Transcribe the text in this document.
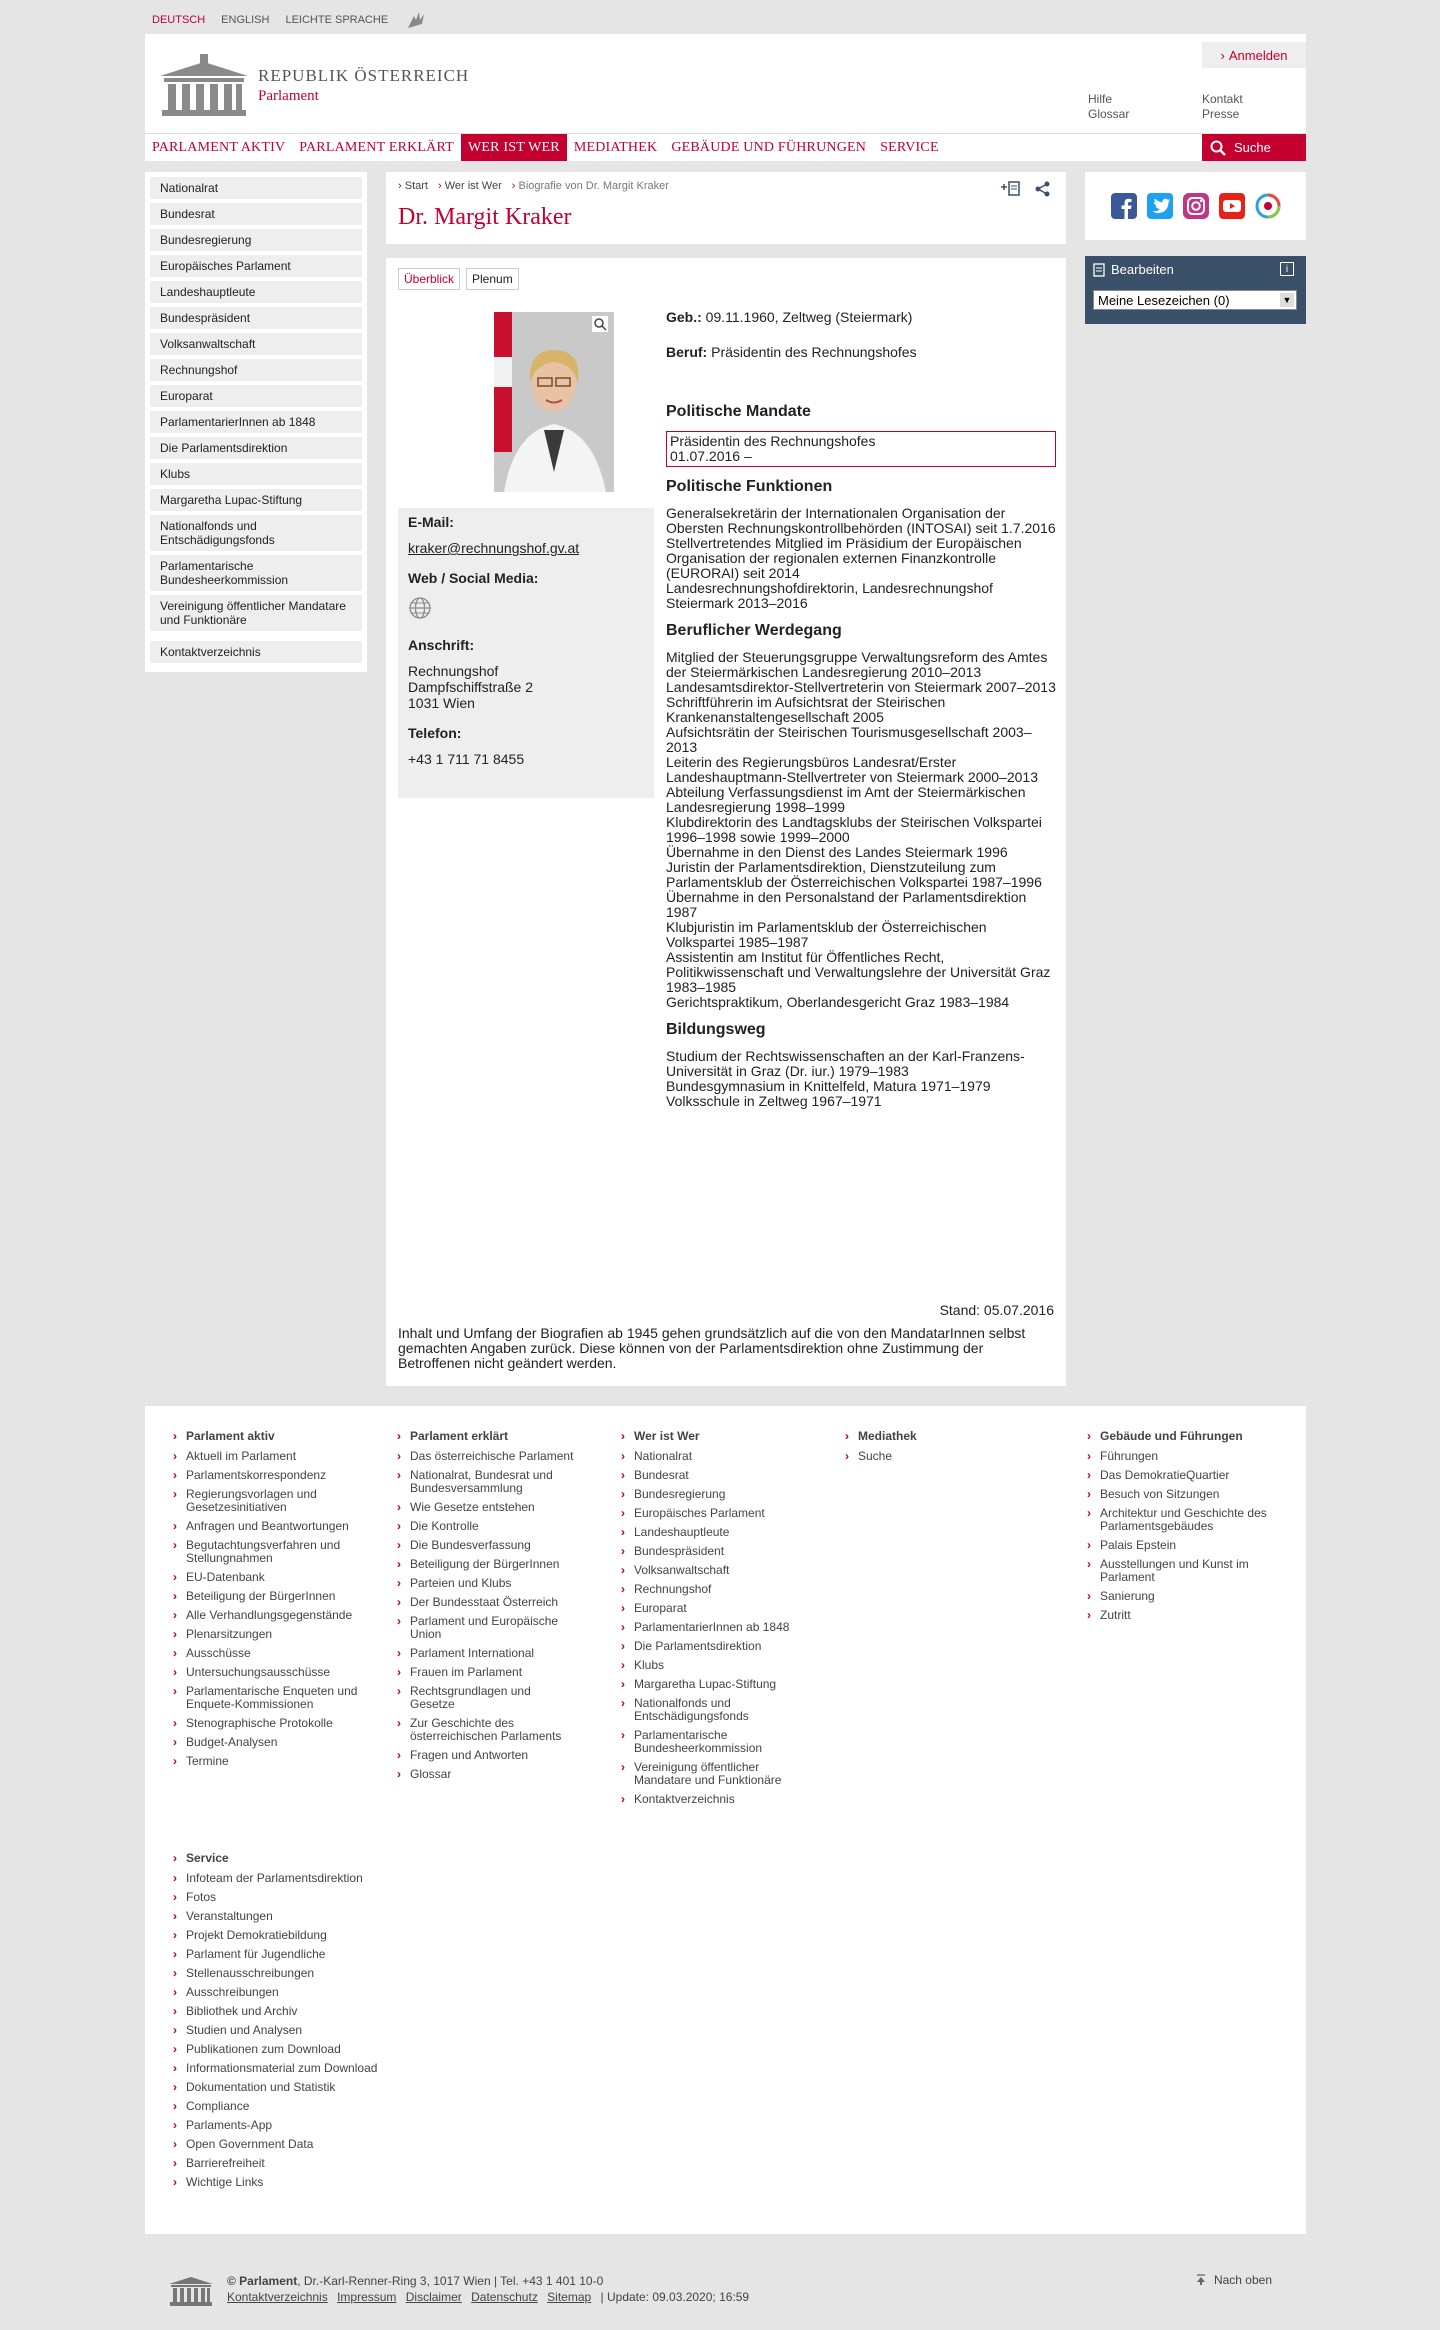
DEUTSCH ENGLISH LEICHTE SPRACHE
REPUBLIK ÖSTERREICH
Parlament
› Anmelden
Hilfe
Glossar
Kontakt
Presse
PARLAMENT AKTIV	PARLAMENT ERKLÄRT	WER IST WER	MEDIATHEK	GEBÄUDE UND FÜHRUNGEN	SERVICE	Suche
Nationalrat
Bundesrat
Bundesregierung
Europäisches Parlament
Landeshauptleute
Bundespräsident
Volksanwaltschaft
Rechnungshof
Europarat
ParlamentarierInnen ab 1848
Die Parlamentsdirektion
Klubs
Margaretha Lupac-Stiftung
Nationalfonds und Entschädigungsfonds
Parlamentarische Bundesheerkommission
Vereinigung öffentlicher Mandatare und Funktionäre
Kontaktverzeichnis
› Start › Wer ist Wer › Biografie von Dr. Margit Kraker
Dr. Margit Kraker
Überblick	Plenum

E-Mail:

kraker@rechnungshof.gv.at

Web / Social Media:

Anschrift:

Rechnungshof
Dampfschiffstraße 2
1031 Wien

Telefon:

+43 1 711 71 8455

Geb.: 09.11.1960, Zeltweg (Steiermark)

Beruf: Präsidentin des Rechnungshofes

Politische Mandate
Präsidentin des Rechnungshofes
01.07.2016 –
Politische Funktionen

Generalsekretärin der Internationalen Organisation der Obersten Rechnungskontrollbehörden (INTOSAI) seit 1.7.2016

Stellvertretendes Mitglied im Präsidium der Europäischen Organisation der regionalen externen Finanzkontrolle (EURORAI) seit 2014

Landesrechnungshofdirektorin, Landesrechnungshof Steiermark 2013–2016

Beruflicher Werdegang

Mitglied der Steuerungsgruppe Verwaltungsreform des Amtes der Steiermärkischen Landesregierung 2010–2013

Landesamtsdirektor-Stellvertreterin von Steiermark 2007–2013

Schriftführerin im Aufsichtsrat der Steirischen Krankenanstaltengesellschaft 2005

Aufsichtsrätin der Steirischen Tourismusgesellschaft 2003–2013

Leiterin des Regierungsbüros Landesrat/Erster Landeshauptmann-Stellvertreter von Steiermark 2000–2013

Abteilung Verfassungsdienst im Amt der Steiermärkischen Landesregierung 1998–1999

Klubdirektorin des Landtagsklubs der Steirischen Volkspartei 1996–1998 sowie 1999–2000

Übernahme in den Dienst des Landes Steiermark 1996

Juristin der Parlamentsdirektion, Dienstzuteilung zum Parlamentsklub der Österreichischen Volkspartei 1987–1996

Übernahme in den Personalstand der Parlamentsdirektion 1987

Klubjuristin im Parlamentsklub der Österreichischen Volkspartei 1985–1987

Assistentin am Institut für Öffentliches Recht, Politikwissenschaft und Verwaltungslehre der Universität Graz 1983–1985

Gerichtspraktikum, Oberlandesgericht Graz 1983–1984

Bildungsweg

Studium der Rechtswissenschaften an der Karl-Franzens-Universität in Graz (Dr. iur.) 1979–1983

Bundesgymnasium in Knittelfeld, Matura 1971–1979

Volksschule in Zeltweg 1967–1971

Stand: 05.07.2016
Inhalt und Umfang der Biografien ab 1945 gehen grundsätzlich auf die von den MandatarInnen selbst gemachten Angaben zurück. Diese können von der Parlamentsdirektion ohne Zustimmung der Betroffenen nicht geändert werden.
Bearbeiten	i
Meine Lesezeichen (0)	▼
› Parlament aktiv
› Aktuell im Parlament
› Parlamentskorrespondenz
› Regierungsvorlagen und Gesetzesinitiativen
› Anfragen und Beantwortungen
› Begutachtungsverfahren und Stellungnahmen
› EU-Datenbank
› Beteiligung der BürgerInnen
› Alle Verhandlungsgegenstände
› Plenarsitzungen
› Ausschüsse
› Untersuchungsausschüsse
› Parlamentarische Enqueten und Enquete-Kommissionen
› Stenographische Protokolle
› Budget-Analysen
› Termine
› Parlament erklärt
› Das österreichische Parlament
› Nationalrat, Bundesrat und Bundesversammlung
› Wie Gesetze entstehen
› Die Kontrolle
› Die Bundesverfassung
› Beteiligung der BürgerInnen
› Parteien und Klubs
› Der Bundesstaat Österreich
› Parlament und Europäische Union
› Parlament International
› Frauen im Parlament
› Rechtsgrundlagen und Gesetze
› Zur Geschichte des österreichischen Parlaments
› Fragen und Antworten
› Glossar
› Wer ist Wer
› Nationalrat
› Bundesrat
› Bundesregierung
› Europäisches Parlament
› Landeshauptleute
› Bundespräsident
› Volksanwaltschaft
› Rechnungshof
› Europarat
› ParlamentarierInnen ab 1848
› Die Parlamentsdirektion
› Klubs
› Margaretha Lupac-Stiftung
› Nationalfonds und Entschädigungsfonds
› Parlamentarische Bundesheerkommission
› Vereinigung öffentlicher Mandatare und Funktionäre
› Kontaktverzeichnis
› Mediathek
› Suche
› Gebäude und Führungen
› Führungen
› Das DemokratieQuartier
› Besuch von Sitzungen
› Architektur und Geschichte des Parlamentsgebäudes
› Palais Epstein
› Ausstellungen und Kunst im Parlament
› Sanierung
› Zutritt
› Service
› Infoteam der Parlamentsdirektion
› Fotos
› Veranstaltungen
› Projekt Demokratiebildung
› Parlament für Jugendliche
› Stellenausschreibungen
› Ausschreibungen
› Bibliothek und Archiv
› Studien und Analysen
› Publikationen zum Download
› Informationsmaterial zum Download
› Dokumentation und Statistik
› Compliance
› Parlaments-App
› Open Government Data
› Barrierefreiheit
› Wichtige Links
© Parlament, Dr.-Karl-Renner-Ring 3, 1017 Wien | Tel. +43 1 401 10-0
Kontaktverzeichnis Impressum Disclaimer Datenschutz Sitemap | Update: 09.03.2020; 16:59
Nach oben
